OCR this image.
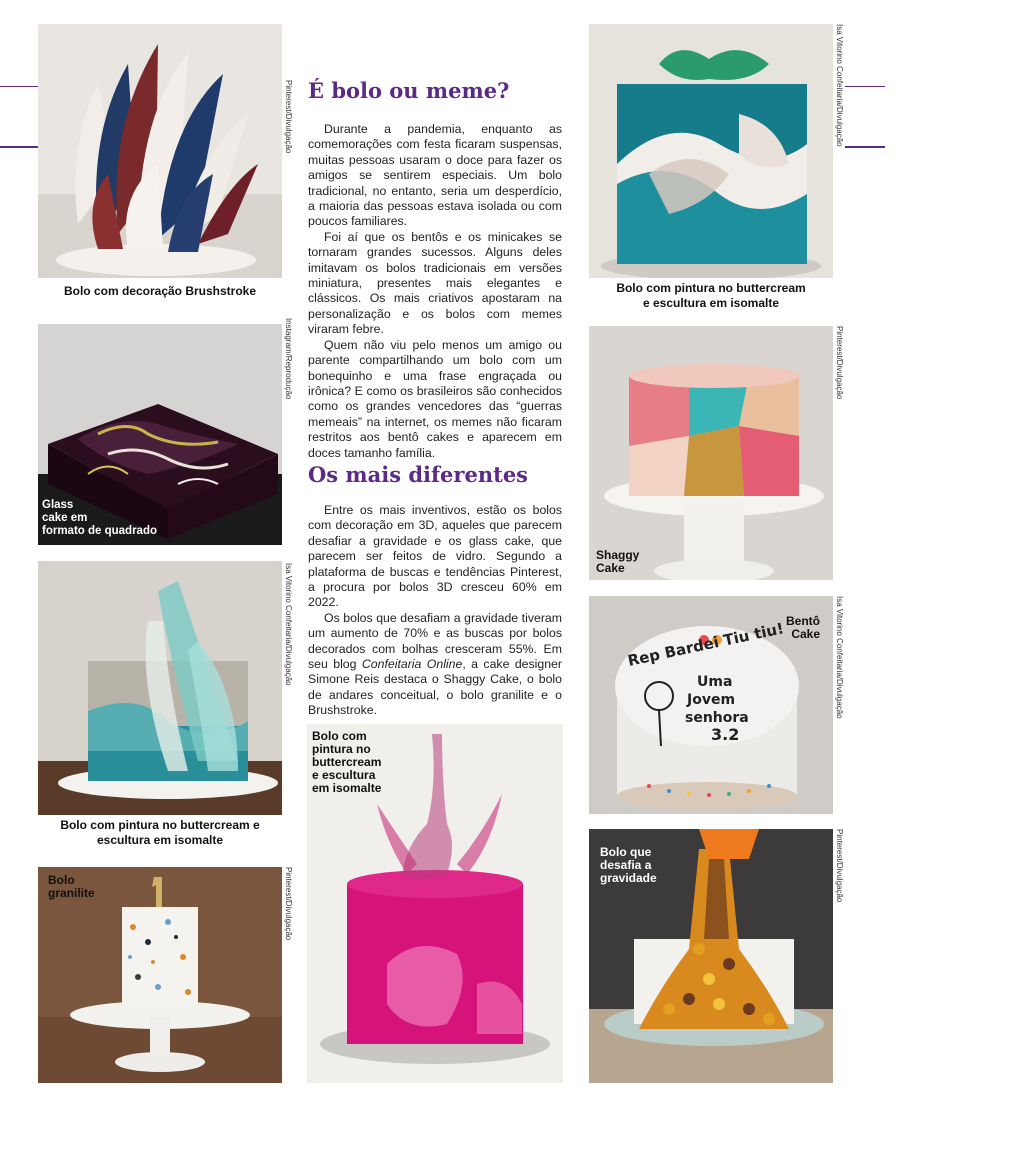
Pinterest/Divulgação
Bolo com decoração Brushstroke
Instagram/Reprodução
Glass
cake em
formato de quadrado
Isa Vitorino Confeitaria/Divulgação
Bolo com pintura no buttercream e
escultura em isomalte
Pinterest/Divulgação
Bolo
granilite
É bolo ou meme?

Durante a pandemia, enquanto as comemorações com festa ficaram suspensas, muitas pessoas usaram o doce para fazer os amigos se sentirem especiais. Um bolo tradicional, no entanto, seria um desperdício, a maioria das pessoas estava isolada ou com poucos familiares.

Foi aí que os bentôs e os minicakes se tornaram grandes sucessos. Alguns deles imitavam os bolos tradicionais em versões miniatura, presentes mais elegantes e clássicos. Os mais criativos apostaram na personalização e os bolos com memes viraram febre.

Quem não viu pelo menos um amigo ou parente compartilhando um bolo com um bonequinho e uma frase engraçada ou irônica? E como os brasileiros são conhecidos como os grandes vencedores das “guerras memeais” na internet, os memes não ficaram restritos aos bentô cakes e aparecem em doces tamanho família.

Os mais diferentes

Entre os mais inventivos, estão os bolos com decoração em 3D, aqueles que parecem desafiar a gravidade e os glass cake, que parecem ser feitos de vidro. Segundo a plataforma de buscas e tendências Pinterest, a procura por bolos 3D cresceu 60% em 2022.

Os bolos que desafiam a gravidade tiveram um aumento de 70% e as buscas por bolos decorados com bolhas cresceram 55%. Em seu blog Confeitaria Online, a cake designer Simone Reis destaca o Shaggy Cake, o bolo de andares conceitual, o bolo granilite e o Brushstroke.

Bolo com
pintura no
buttercream
e escultura
em isomalte
Isa Vitorino Confeitaria/Divulgação
Bolo com pintura no buttercream
e escultura em isomalte
Pinterest/Divulgação
Shaggy
Cake
Rep Bardei Tiu tiu!
Uma
Jovem
senhora
3.2
Isa Vitorino Confeitaria/Divulgação
Bentô
Cake
Pinterest/Divulgação
Bolo que
desafia a
gravidade
